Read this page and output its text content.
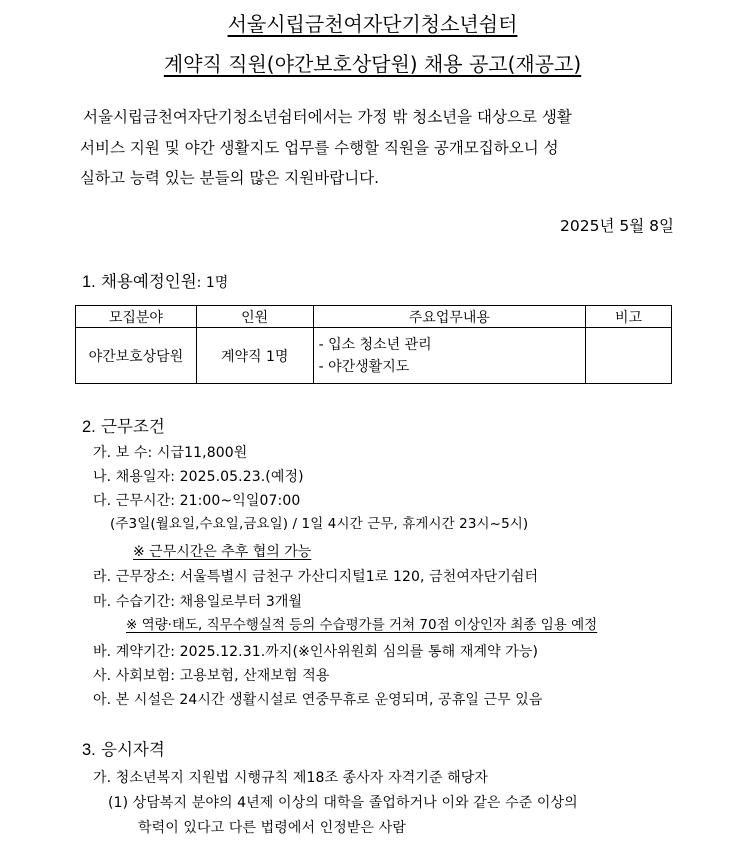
서울시립금천여자단기청소년쉼터
계약직 직원(야간보호상담원) 채용 공고(재공고)
서울시립금천여자단기청소년쉼터에서는 가정 밖 청소년을 대상으로 생활
서비스 지원 및 야간 생활지도 업무를 수행할 직원을 공개모집하오니 성
실하고 능력 있는 분들의 많은 지원바랍니다.
2025년 5월 8일
1. 채용예정인원: 1명
모집분야	인원	주요업무내용	비고
야간보호상담원	계약직 1명	- 입소 청소년 관리
- 야간생활지도	

2. 근무조건
가. 보 수: 시급11,800원
나. 채용일자: 2025.05.23.(예정)
다. 근무시간: 21:00~익일07:00
(주3일(월요일,수요일,금요일) / 1일 4시간 근무, 휴게시간 23시~5시)
※ 근무시간은 추후 협의 가능
라. 근무장소: 서울특별시 금천구 가산디지털1로 120, 금천여자단기쉼터
마. 수습기간: 채용일로부터 3개월
※ 역량·태도, 직무수행실적 등의 수습평가를 거쳐 70점 이상인자 최종 임용 예정
바. 계약기간: 2025.12.31.까지(※인사위원회 심의를 통해 재계약 가능)
사. 사회보험: 고용보험, 산재보험 적용
아. 본 시설은 24시간 생활시설로 연중무휴로 운영되며, 공휴일 근무 있음
3. 응시자격
가. 청소년복지 지원법 시행규칙 제18조 종사자 자격기준 해당자
(1) 상담복지 분야의 4년제 이상의 대학을 졸업하거나 이와 같은 수준 이상의
학력이 있다고 다른 법령에서 인정받은 사람
